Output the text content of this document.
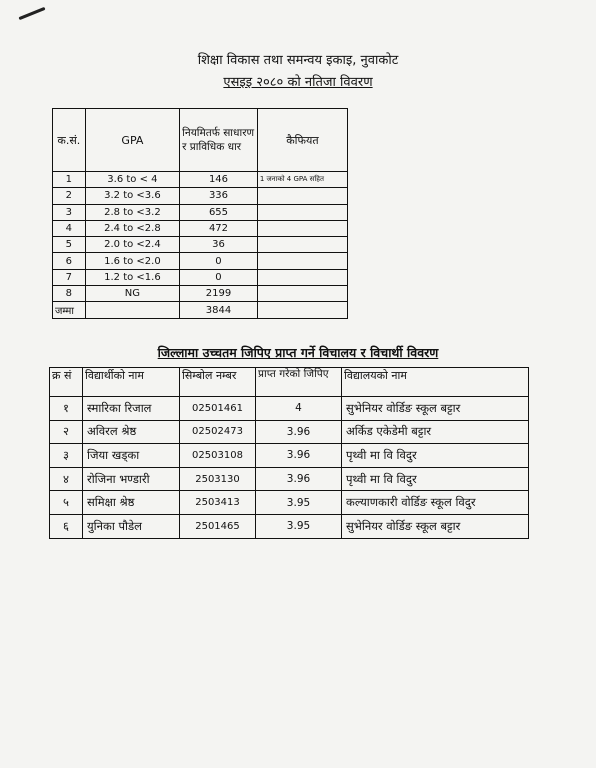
शिक्षा विकास तथा समन्वय इकाइ, नुवाकोट
एसइइ २०८० को नतिजा विवरण
क.सं.	GPA	नियमितर्फ साधारण र प्राविधिक धार	कैफियत
1	3.6 to < 4	146	1 जनाको 4 GPA सहित
2	3.2 to <3.6	336	
3	2.8 to <3.2	655	
4	2.4 to <2.8	472	
5	2.0 to <2.4	36	
6	1.6 to <2.0	0	
7	1.2 to <1.6	0	
8	NG	2199	
जम्मा		3844	
जिल्लामा उच्चतम जिपिए प्राप्त गर्ने विचालय र विचार्थी विवरण
क्र सं	विद्यार्थीको नाम	सिम्बोल नम्बर	प्राप्त गरेको जिपिए	विद्यालयको नाम
१	स्मारिका रिजाल	02501461	4	सुभेनियर वोर्डिङ स्कूल बट्टार
२	अविरल श्रेष्ठ	02502473	3.96	अर्किड एकेडेमी बट्टार
३	जिया खड्का	02503108	3.96	पृथ्वी मा वि विदुर
४	रोजिना भण्डारी	2503130	3.96	पृथ्वी मा वि विदुर
५	समिक्षा श्रेष्ठ	2503413	3.95	कल्याणकारी वोर्डिङ स्कूल विदुर
६	युनिका पौडेल	2501465	3.95	सुभेनियर वोर्डिङ स्कूल बट्टार
